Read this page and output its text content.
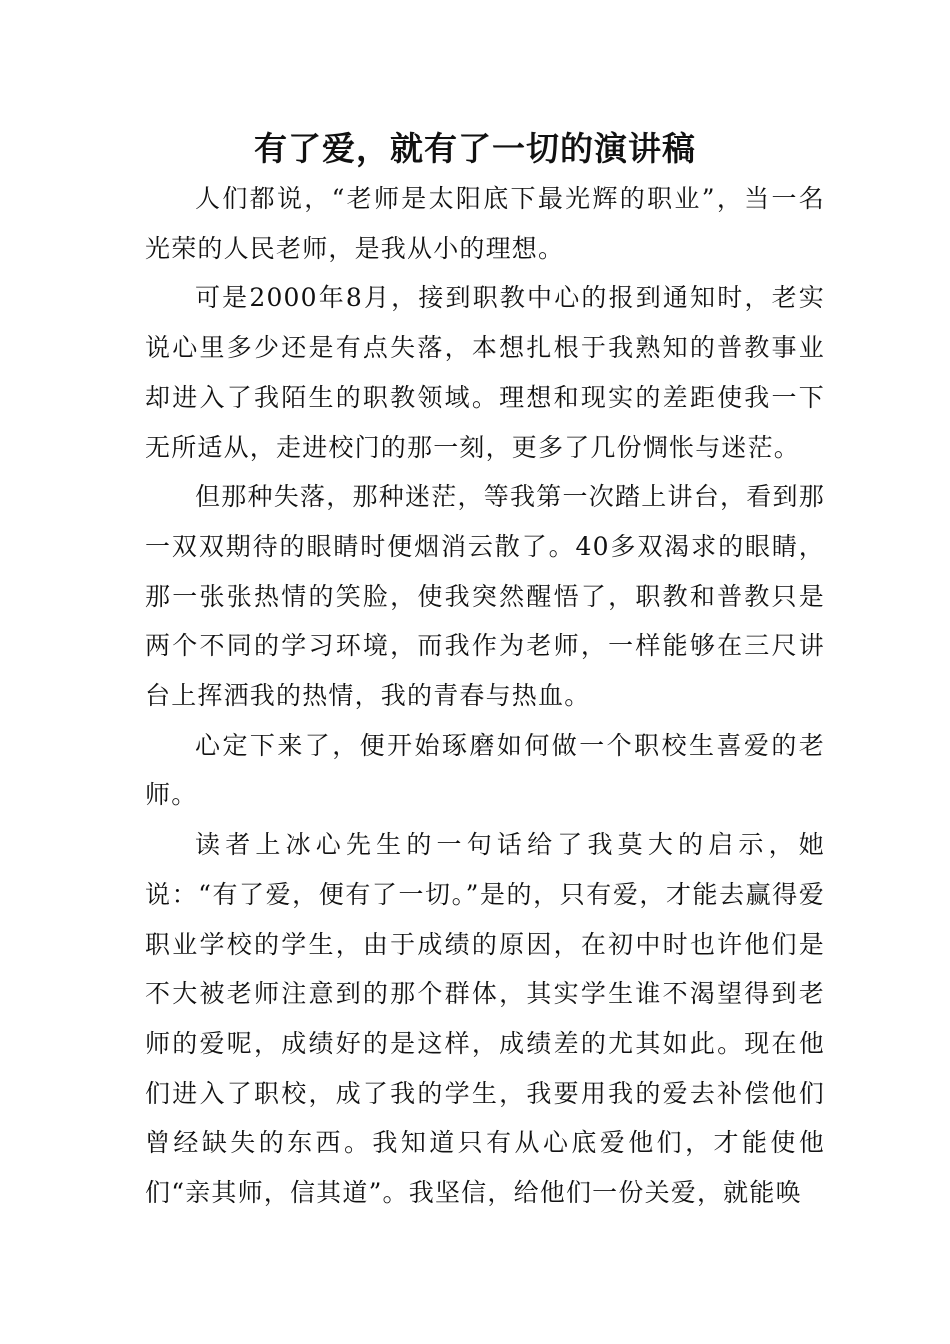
有了爱，就有了一切的演讲稿

人们都说，“老师是太阳底下最光辉的职业”，当一名光荣的人民老师，是我从小的理想。

可是2000年8月，接到职教中心的报到通知时，老实说心里多少还是有点失落，本想扎根于我熟知的普教事业却进入了我陌生的职教领域。理想和现实的差距使我一下无所适从，走进校门的那一刻，更多了几份惆怅与迷茫。

但那种失落，那种迷茫，等我第一次踏上讲台，看到那一双双期待的眼睛时便烟消云散了。40多双渴求的眼睛，那一张张热情的笑脸，使我突然醒悟了，职教和普教只是两个不同的学习环境，而我作为老师，一样能够在三尺讲台上挥洒我的热情，我的青春与热血。

心定下来了，便开始琢磨如何做一个职校生喜爱的老师。

读者上冰心先生的一句话给了我莫大的启示，她说：“有了爱，便有了一切。”是的，只有爱，才能去赢得爱职业学校的学生，由于成绩的原因，在初中时也许他们是不大被老师注意到的那个群体，其实学生谁不渴望得到老师的爱呢，成绩好的是这样，成绩差的尤其如此。现在他们进入了职校，成了我的学生，我要用我的爱去补偿他们曾经缺失的东西。我知道只有从心底爱他们，才能使他们“亲其师，信其道”。我坚信，给他们一份关爱，就能唤
